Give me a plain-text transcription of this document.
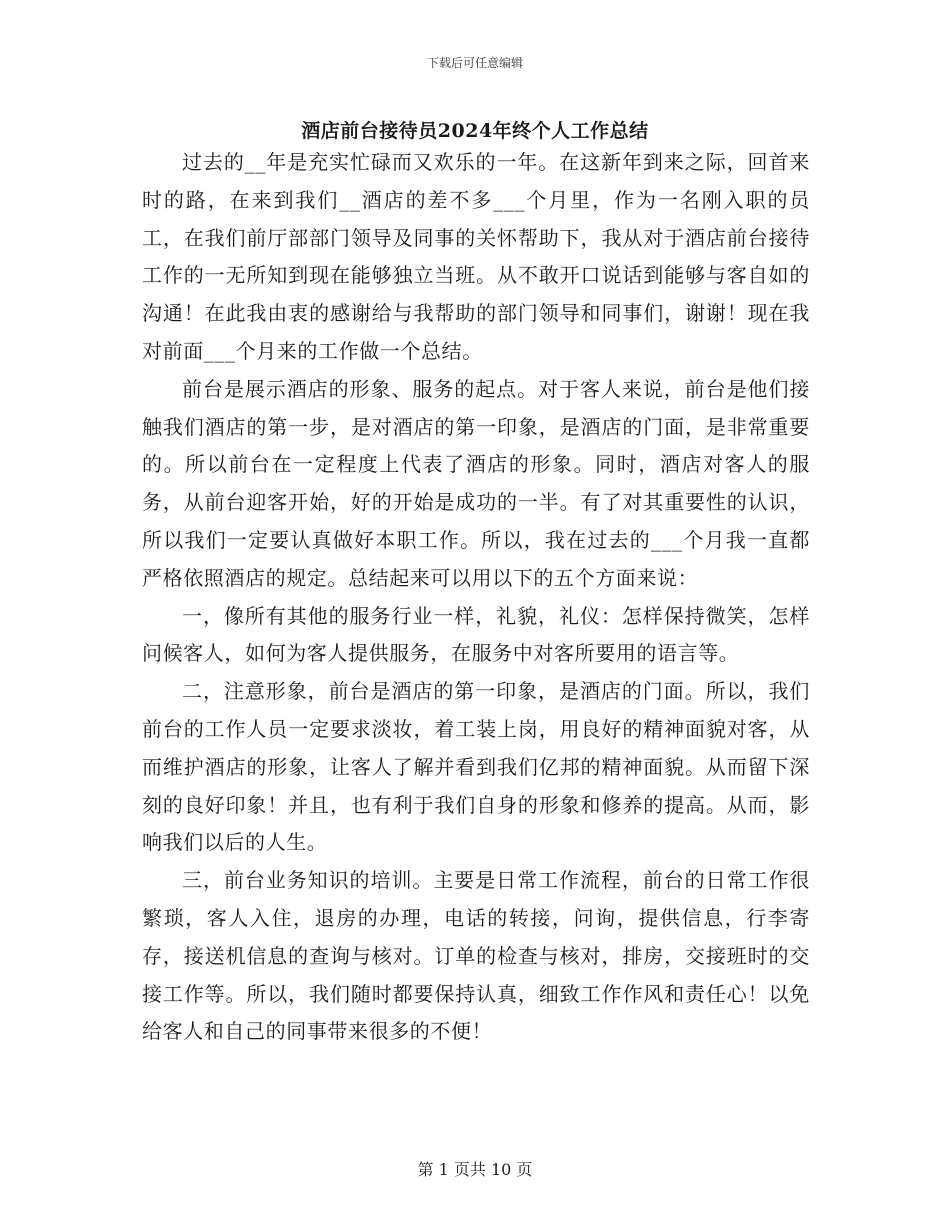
下载后可任意编辑
酒店前台接待员2024年终个人工作总结

过去的__年是充实忙碌而又欢乐的一年。在这新年到来之际，回首来时的路，在来到我们__酒店的差不多___个月里，作为一名刚入职的员工，在我们前厅部部门领导及同事的关怀帮助下，我从对于酒店前台接待工作的一无所知到现在能够独立当班。从不敢开口说话到能够与客自如的沟通！在此我由衷的感谢给与我帮助的部门领导和同事们，谢谢！现在我对前面___个月来的工作做一个总结。

前台是展示酒店的形象、服务的起点。对于客人来说，前台是他们接触我们酒店的第一步，是对酒店的第一印象，是酒店的门面，是非常重要的。所以前台在一定程度上代表了酒店的形象。同时，酒店对客人的服务，从前台迎客开始，好的开始是成功的一半。有了对其重要性的认识，所以我们一定要认真做好本职工作。所以，我在过去的___个月我一直都严格依照酒店的规定。总结起来可以用以下的五个方面来说：

一，像所有其他的服务行业一样，礼貌，礼仪：怎样保持微笑，怎样问候客人，如何为客人提供服务，在服务中对客所要用的语言等。

二，注意形象，前台是酒店的第一印象，是酒店的门面。所以，我们前台的工作人员一定要求淡妆，着工装上岗，用良好的精神面貌对客，从而维护酒店的形象，让客人了解并看到我们亿邦的精神面貌。从而留下深刻的良好印象！并且，也有利于我们自身的形象和修养的提高。从而，影响我们以后的人生。

三，前台业务知识的培训。主要是日常工作流程，前台的日常工作很繁琐，客人入住，退房的办理，电话的转接，问询，提供信息，行李寄存，接送机信息的查询与核对。订单的检查与核对，排房，交接班时的交接工作等。所以，我们随时都要保持认真，细致工作作风和责任心！以免给客人和自己的同事带来很多的不便！

第 1 页共 10 页
